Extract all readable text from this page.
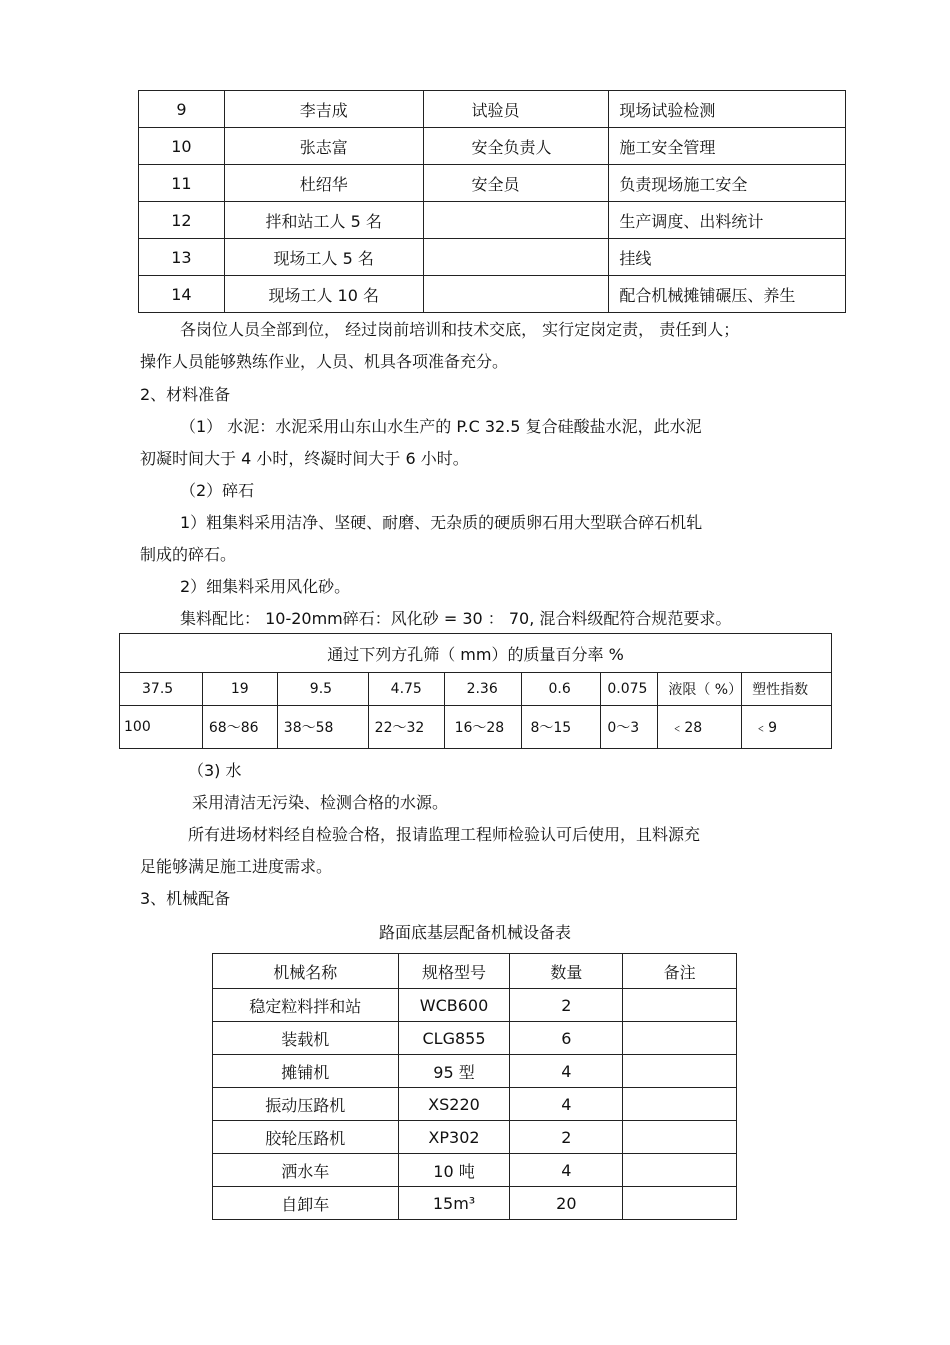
9	李吉成	试验员	现场试验检测
10	张志富	安全负责人	施工安全管理
11	杜绍华	安全员	负责现场施工安全
12	拌和站工人 5 名		生产调度、出料统计
13	现场工人 5 名		挂线
14	现场工人 10 名		配合机械摊铺碾压、养生
各岗位人员全部到位， 经过岗前培训和技术交底， 实行定岗定责， 责任到人；
操作人员能够熟练作业，人员、机具各项准备充分。
2、材料准备
（1） 水泥：水泥采用山东山水生产的 P.C 32.5 复合硅酸盐水泥，此水泥
初凝时间大于 4 小时，终凝时间大于 6 小时。
（2）碎石
1）粗集料采用洁净、坚硬、耐磨、无杂质的硬质卵石用大型联合碎石机轧
制成的碎石。
2）细集料采用风化砂。
集料配比： 10-20mm碎石：风化砂 = 30 ： 70, 混合料级配符合规范要求。
通过下列方孔筛（ mm）的质量百分率 %								
37.5	19	9.5	4.75	2.36	0.6	0.075	液限（ %）	塑性指数
100	68～86	38～58	22～32	16～28	8～15	0～3	﹤28	﹤9
（3) 水
采用清洁无污染、检测合格的水源。
所有进场材料经自检验合格，报请监理工程师检验认可后使用，且料源充
足能够满足施工进度需求。
3、机械配备
路面底基层配备机械设备表
机械名称	规格型号	数量	备注
稳定粒料拌和站	WCB600	2	
装载机	CLG855	6	
摊铺机	95 型	4	
振动压路机	XS220	4	
胶轮压路机	XP302	2	
洒水车	10 吨	4	
自卸车	15m³	20	
